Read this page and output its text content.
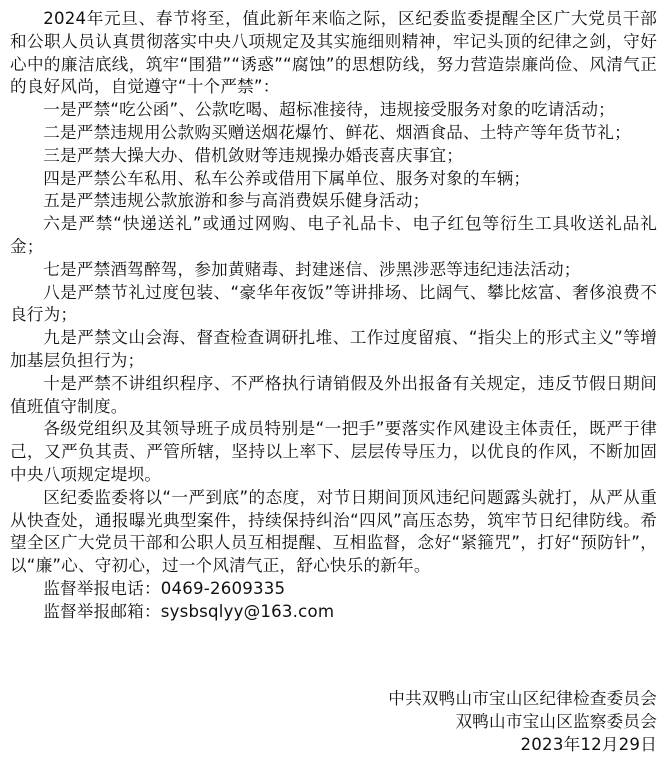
2024年元旦、春节将至，值此新年来临之际，区纪委监委提醒全区广大党员干部和公职人员认真贯彻落实中央八项规定及其实施细则精神，牢记头顶的纪律之剑，守好心中的廉洁底线，筑牢“围猎”“诱惑”“腐蚀”的思想防线，努力营造崇廉尚俭、风清气正的良好风尚，自觉遵守“十个严禁”：

一是严禁“吃公函”、公款吃喝、超标准接待，违规接受服务对象的吃请活动；

二是严禁违规用公款购买赠送烟花爆竹、鲜花、烟酒食品、土特产等年货节礼；

三是严禁大操大办、借机敛财等违规操办婚丧喜庆事宜；

四是严禁公车私用、私车公养或借用下属单位、服务对象的车辆；

五是严禁违规公款旅游和参与高消费娱乐健身活动；

六是严禁“快递送礼”或通过网购、电子礼品卡、电子红包等衍生工具收送礼品礼金；

七是严禁酒驾醉驾，参加黄赌毒、封建迷信、涉黑涉恶等违纪违法活动；

八是严禁节礼过度包装、“豪华年夜饭”等讲排场、比阔气、攀比炫富、奢侈浪费不良行为；

九是严禁文山会海、督查检查调研扎堆、工作过度留痕、“指尖上的形式主义”等增加基层负担行为；

十是严禁不讲组织程序、不严格执行请销假及外出报备有关规定，违反节假日期间值班值守制度。

各级党组织及其领导班子成员特别是“一把手”要落实作风建设主体责任，既严于律己，又严负其责、严管所辖，坚持以上率下、层层传导压力，以优良的作风，不断加固中央八项规定堤坝。

区纪委监委将以“一严到底”的态度，对节日期间顶风违纪问题露头就打，从严从重从快查处，通报曝光典型案件，持续保持纠治“四风”高压态势，筑牢节日纪律防线。希望全区广大党员干部和公职人员互相提醒、互相监督，念好“紧箍咒”，打好“预防针”，以“廉”心、守初心，过一个风清气正，舒心快乐的新年。

监督举报电话：0469-2609335

监督举报邮箱：sysbsqlyy@163.com

中共双鸭山市宝山区纪律检查委员会
双鸭山市宝山区监察委员会
2023年12月29日
